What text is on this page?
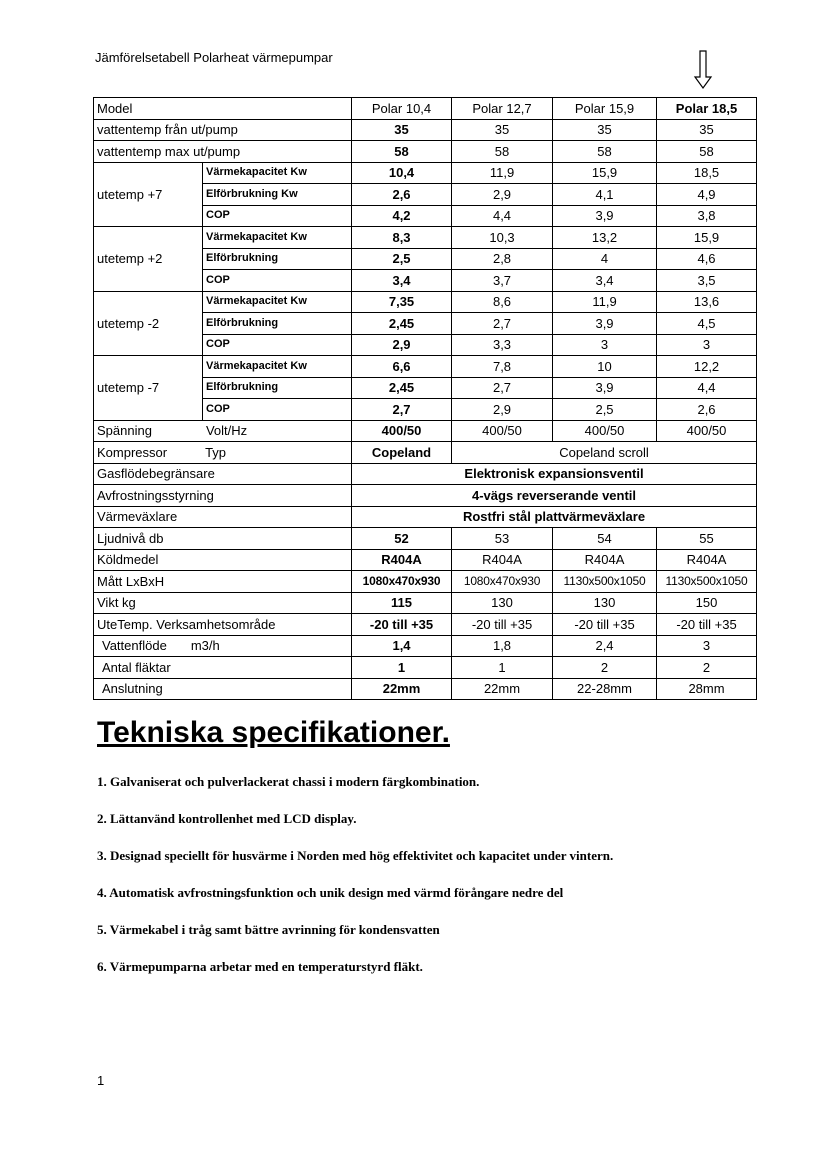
Jämförelsetabell Polarheat värmepumpar
Model		Polar 10,4	Polar 12,7	Polar 15,9	Polar 18,5
vattentemp från ut/pump		35	35	35	35
vattentemp max ut/pump		58	58	58	58
utetemp +7	Värmekapacitet Kw	10,4	11,9	15,9	18,5
	Elförbrukning Kw	2,6	2,9	4,1	4,9
	COP	4,2	4,4	3,9	3,8
utetemp +2	Värmekapacitet Kw	8,3	10,3	13,2	15,9
	Elförbrukning	2,5	2,8	4	4,6
	COP	3,4	3,7	3,4	3,5
utetemp -2	Värmekapacitet Kw	7,35	8,6	11,9	13,6
	Elförbrukning	2,45	2,7	3,9	4,5
	COP	2,9	3,3	3	3
utetemp -7	Värmekapacitet Kw	6,6	7,8	10	12,2
	Elförbrukning	2,45	2,7	3,9	4,4
	COP	2,7	2,9	2,5	2,6
Spänning Volt/Hz		400/50	400/50	400/50	400/50
Kompressor Typ		Copeland	Copeland scroll		
Gasflödebegränsare		Elektronisk expansionsventil			
Avfrostningsstyrning		4-vägs reverserande ventil			
Värmeväxlare		Rostfri stål plattvärmeväxlare			
Ljudnivå db		52	53	54	55
Köldmedel		R404A	R404A	R404A	R404A
Mått LxBxH		1080x470x930	1080x470x930	1130x500x1050	1130x500x1050
Vikt kg		115	130	130	150
UteTemp. Verksamhetsområde		-20 till +35	-20 till +35	-20 till +35	-20 till +35
Vattenflöde m3/h		1,4	1,8	2,4	3
Antal fläktar		1	1	2	2
Anslutning		22mm	22mm	22-28mm	28mm
Tekniska specifikationer.
1. Galvaniserat och pulverlackerat chassi i modern färgkombination.
2. Lättanvänd kontrollenhet med LCD display.
3. Designad speciellt för husvärme i Norden med hög effektivitet och kapacitet under vintern.
4. Automatisk avfrostningsfunktion och unik design med värmd förångare nedre del
5. Värmekabel i tråg samt bättre avrinning för kondensvatten
6. Värmepumparna arbetar med en temperaturstyrd fläkt.
1
